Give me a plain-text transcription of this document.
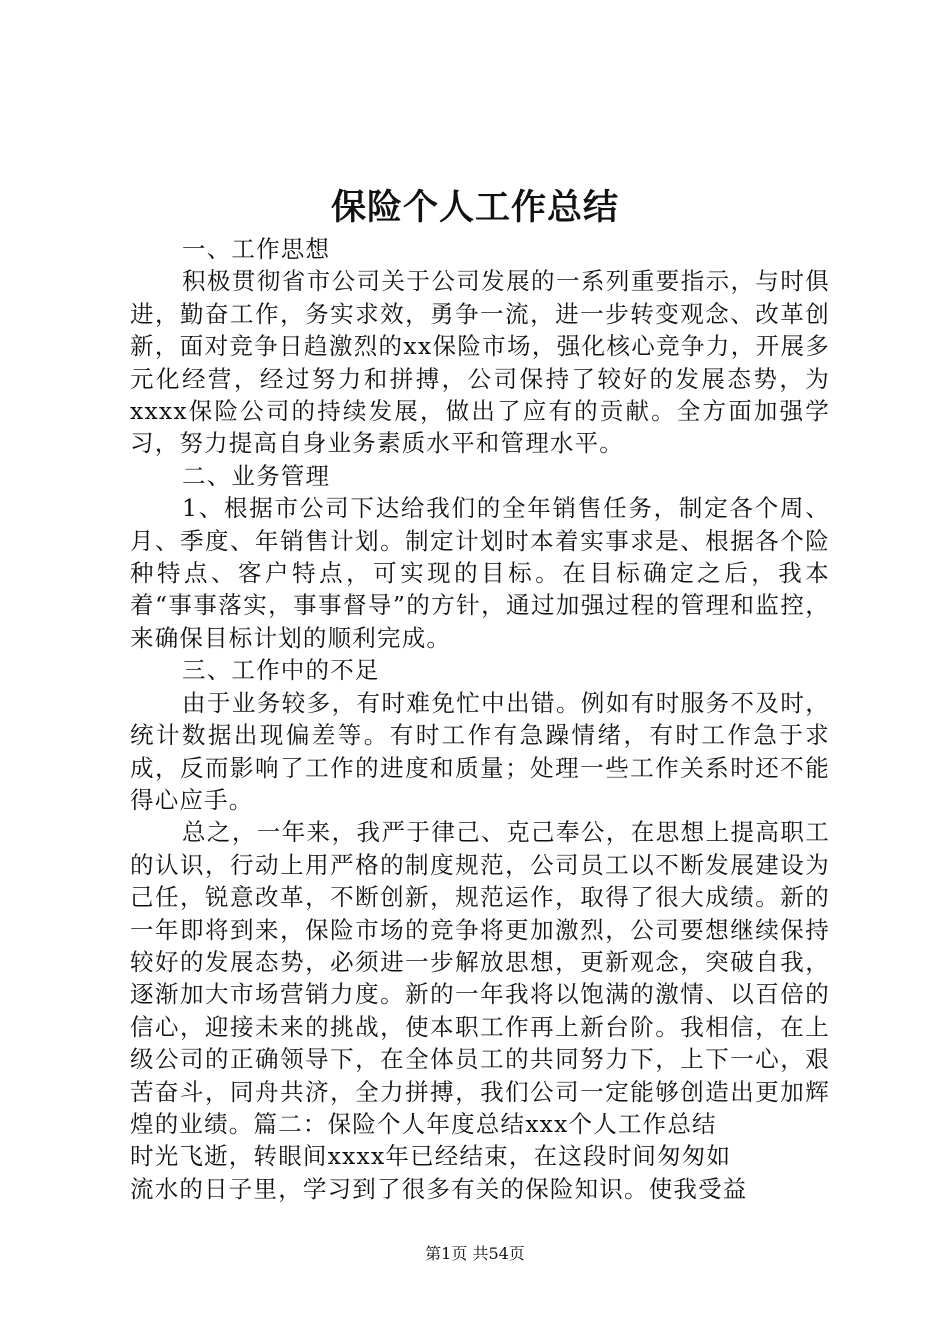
保险个人工作总结

一、工作思想

积极贯彻省市公司关于公司发展的一系列重要指示，与时俱进，勤奋工作，务实求效，勇争一流，进一步转变观念、改革创新，面对竞争日趋激烈的xx保险市场，强化核心竞争力，开展多元化经营，经过努力和拼搏，公司保持了较好的发展态势，为xxxx保险公司的持续发展，做出了应有的贡献。全方面加强学习，努力提高自身业务素质水平和管理水平。

二、业务管理

1、根据市公司下达给我们的全年销售任务，制定各个周、月、季度、年销售计划。制定计划时本着实事求是、根据各个险种特点、客户特点，可实现的目标。在目标确定之后，我本着“事事落实，事事督导”的方针，通过加强过程的管理和监控，来确保目标计划的顺利完成。

三、工作中的不足

由于业务较多，有时难免忙中出错。例如有时服务不及时，统计数据出现偏差等。有时工作有急躁情绪，有时工作急于求成，反而影响了工作的进度和质量；处理一些工作关系时还不能得心应手。

总之，一年来，我严于律己、克己奉公，在思想上提高职工的认识，行动上用严格的制度规范，公司员工以不断发展建设为己任，锐意改革，不断创新，规范运作，取得了很大成绩。新的一年即将到来，保险市场的竞争将更加激烈，公司要想继续保持较好的发展态势，必须进一步解放思想，更新观念，突破自我，逐渐加大市场营销力度。新的一年我将以饱满的激情、以百倍的信心，迎接未来的挑战，使本职工作再上新台阶。我相信，在上级公司的正确领导下，在全体员工的共同努力下，上下一心，艰苦奋斗，同舟共济，全力拼搏，我们公司一定能够创造出更加辉煌的业绩。篇二：保险个人年度总结xxx个人工作总结

时光飞逝，转眼间xxxx年已经结束，在这段时间匆匆如

流水的日子里，学习到了很多有关的保险知识。使我受益

第1页 共54页
